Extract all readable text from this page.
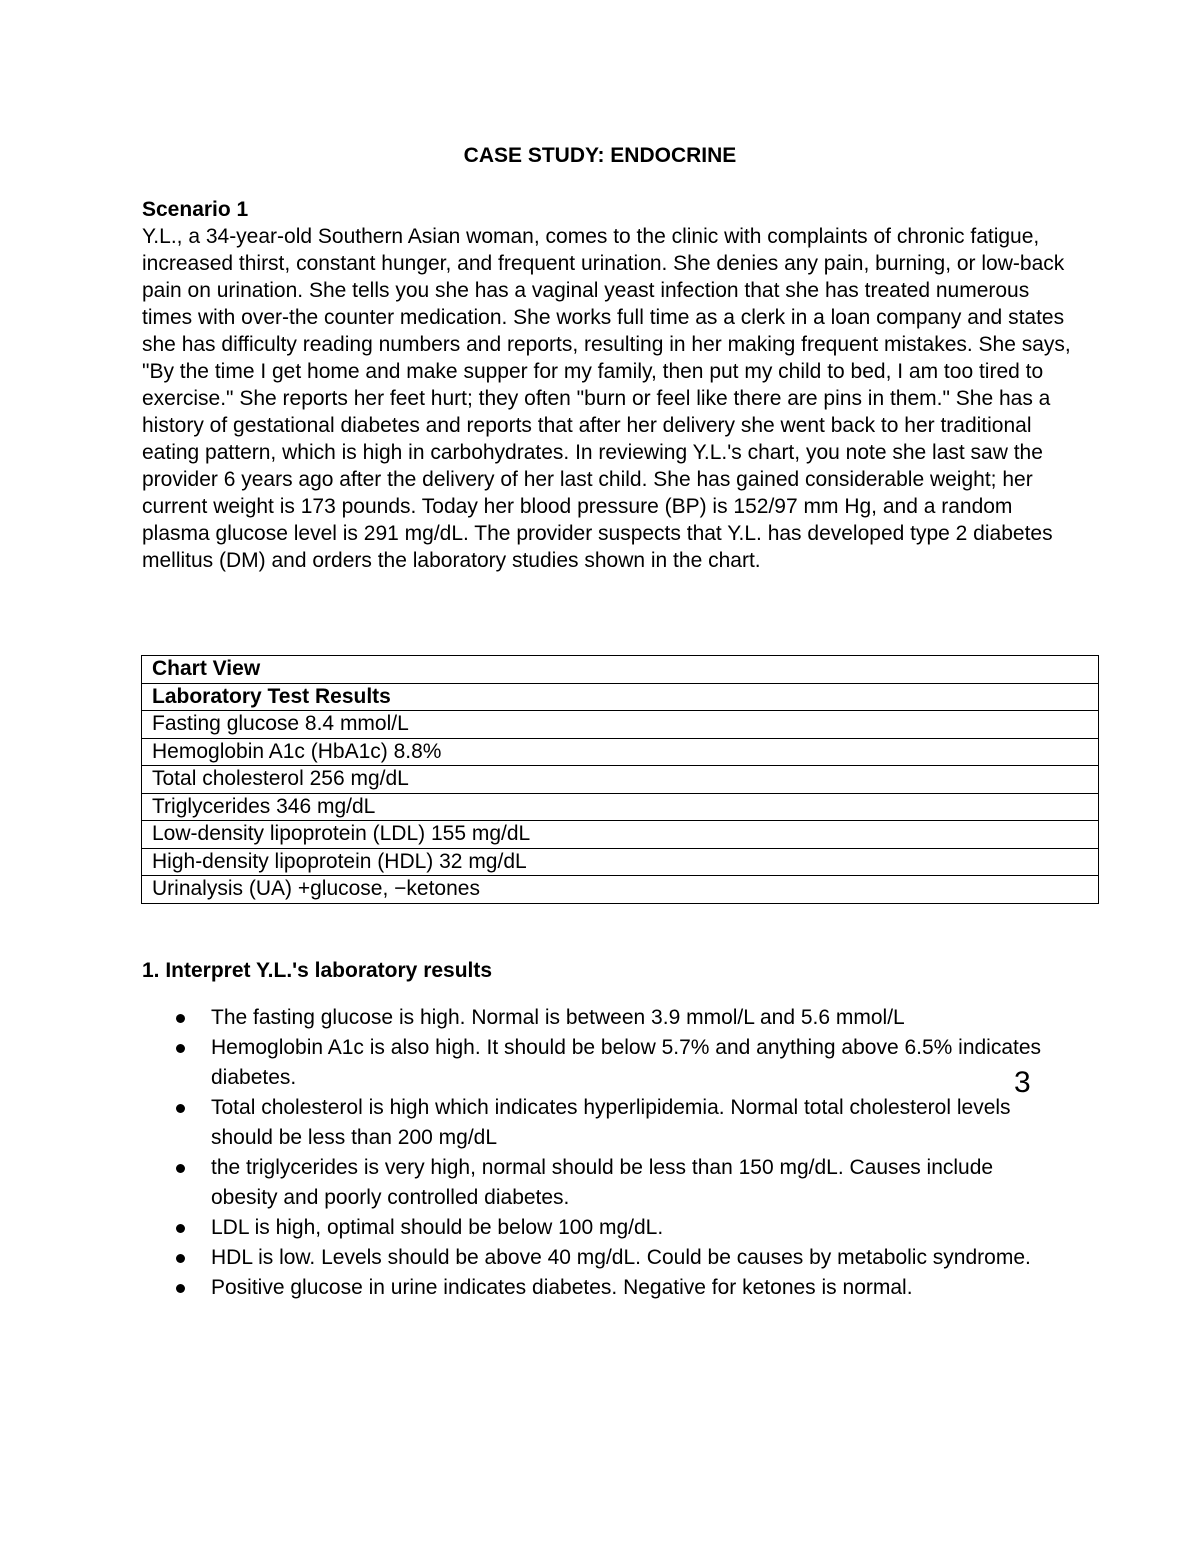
CASE STUDY: ENDOCRINE
Scenario 1

Y.L., a 34-year-old Southern Asian woman, comes to the clinic with complaints of chronic fatigue, increased thirst, constant hunger, and frequent urination. She denies any pain, burning, or low-back pain on urination. She tells you she has a vaginal yeast infection that she has treated numerous times with over-the counter medication. She works full time as a clerk in a loan company and states she has difficulty reading numbers and reports, resulting in her making frequent mistakes. She says, "By the time I get home and make supper for my family, then put my child to bed, I am too tired to exercise." She reports her feet hurt; they often "burn or feel like there are pins in them." She has a history of gestational diabetes and reports that after her delivery she went back to her traditional eating pattern, which is high in carbohydrates. In reviewing Y.L.'s chart, you note she last saw the provider 6 years ago after the delivery of her last child. She has gained considerable weight; her current weight is 173 pounds. Today her blood pressure (BP) is 152/97 mm Hg, and a random plasma glucose level is 291 mg/dL. The provider suspects that Y.L. has developed type 2 diabetes mellitus (DM) and orders the laboratory studies shown in the chart.

Chart View
Laboratory Test Results
Fasting glucose 8.4 mmol/L
Hemoglobin A1c (HbA1c) 8.8%
Total cholesterol 256 mg/dL
Triglycerides 346 mg/dL
Low-density lipoprotein (LDL) 155 mg/dL
High-density lipoprotein (HDL) 32 mg/dL
Urinalysis (UA) +glucose, −ketones
1. Interpret Y.L.'s laboratory results
The fasting glucose is high. Normal is between 3.9 mmol/L and 5.6 mmol/L
Hemoglobin A1c is also high. It should be below 5.7% and anything above 6.5% indicates diabetes.
Total cholesterol is high which indicates hyperlipidemia. Normal total cholesterol levels should be less than 200 mg/dL
the triglycerides is very high, normal should be less than 150 mg/dL. Causes include obesity and poorly controlled diabetes.
LDL is high, optimal should be below 100 mg/dL.
HDL is low. Levels should be above 40 mg/dL. Could be causes by metabolic syndrome.
Positive glucose in urine indicates diabetes. Negative for ketones is normal.
3
